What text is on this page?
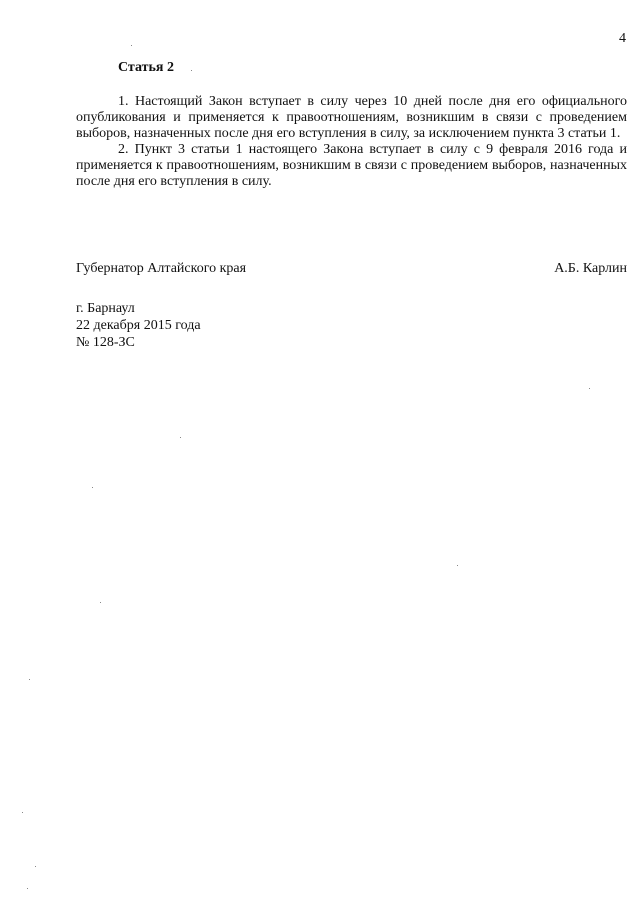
4
Статья 2

1. Настоящий Закон вступает в силу через 10 дней после дня его официального опубликования и применяется к правоотношениям, возникшим в связи с проведением выборов, назначенных после дня его вступления в силу, за исключением пункта 3 статьи 1.

2. Пункт 3 статьи 1 настоящего Закона вступает в силу с 9 февраля 2016 года и применяется к правоотношениям, возникшим в связи с проведением выборов, назначенных после дня его вступления в силу.

Губернатор Алтайского края	А.Б. Карлин
г. Барнаул
22 декабря 2015 года
№ 128-ЗС
